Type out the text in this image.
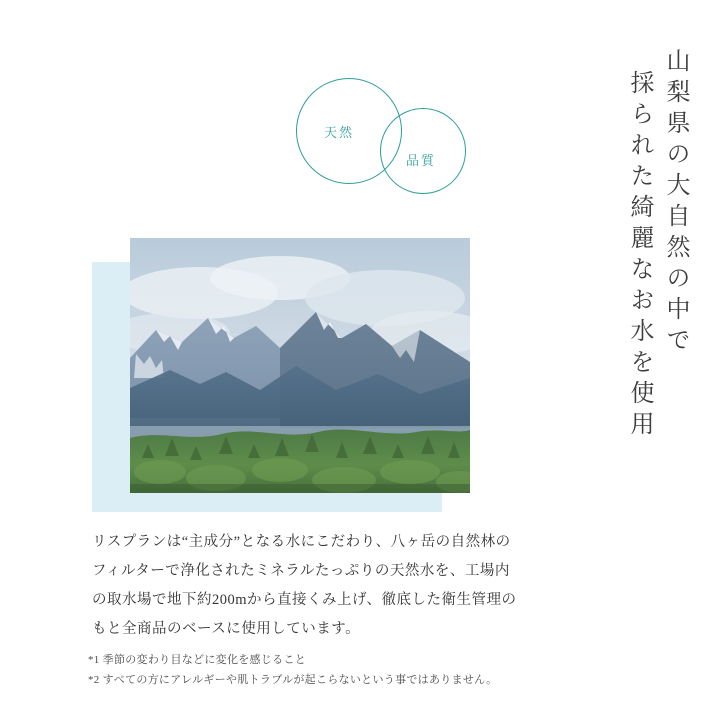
山梨県の大自然の中で
採られた綺麗なお水を使用
天然
品質
リスプランは“主成分”となる水にこだわり、八ヶ岳の自然林のフィルターで浄化されたミネラルたっぷりの天然水を、工場内の取水場で地下約200mから直接くみ上げ、徹底した衛生管理のもと全商品のベースに使用しています。
*1 季節の変わり目などに変化を感じること
*2 すべての方にアレルギーや肌トラブルが起こらないという事ではありません。
